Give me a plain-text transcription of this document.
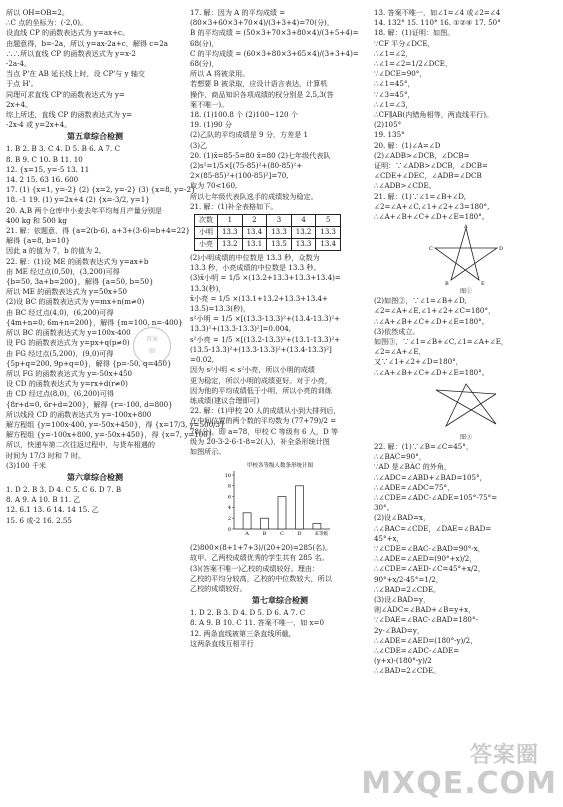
所以 OH=OB=2。
∴C 点的坐标为：(-2,0)。
设直线 CP 的函数表达式为 y=ax+c。
由题意得，b=-2a，所以 y=ax-2a+c，解得 c=2a
∴∴所以直线 CP 的函数表达式为 y=x-2
-2a-4。
当点 P'在 AB 延长线上时，设 CP'与 y 轴交
于点 H'。
同理可求直线 CP'的函数表达式为 y=
2x+4。
综上所述，直线 CP 的函数表达式为 y=
-2x-4 或 y=2x+4。
第五章综合检测
1. B 2. B 3. C 4. D 5. B 6. A 7. C
8. B 9. C 10. B 11. 10
12. {x=15, y=-5 13. 11
14. 2 15. 63 16. 600
17. (1) {x=1, y=-2} (2) {x=2, y=-2} (3) {x=8, y=-2}
18. -1 19. (1) y=2x+4 (2) {x=-3/2, y=1}
20. A,B 两个仓库中小麦去年平均每月产量分别是
400 kg 和 500 kg
21. 解：依题意，得 {a=2(b-6), a+3+(3-6)=b+4=22}
解得 {a=8, b=10}
因此 a 的值为 7，b 的值为 2。
22. 解：(1)设 ME 的函数表达式为 y=ax+b
由 ME 经过点(0,50)，(3,200)可得
{b=50, 3a+b=200}，解得 {a=50, b=50}
所以 ME 的函数表达式为 y=50x+50
(2)设 BC 的函数表达式为 y=mx+n(m≠0)
由 BC 经过点(4,0)，(6,200)可得
{4m+n=0, 6m+n=200}，解得 {m=100, n=-400}
所以 BC 的函数表达式为 y=100x-400
设 FG 的函数表达式为 y=px+q(p≠0)
由 FG 经过点(5,200)，(9,0)可得
{5p+q=200, 9p+q=0}，解得 {p=-50, q=450}
所以 FG 的函数表达式为 y=-50x+450
设 CD 的函数表达式为 y=rx+d(r≠0)
由 CD 经过点(8,0)，(6,200)可得
{8r+d=0, 6r+d=200}，解得 {r=-100, d=800}
所以线段 CD 的函数表达式为 y=-100x+800
解方程组 {y=100x-400, y=-50x+450}，得 {x=17/3, y=500/3}
解方程组 {y=-100x+800, y=-50x+450}，得 {x=7, y=100}
所以，快递车第二次往返过程中，与货车相遇的
时间为 17/3 时和 7 时。
(3)100 千米
第六章综合检测
1. D 2. B 3. D 4. C 5. C 6. D 7. B
8. A 9. A 10. B 11. 乙
12. 6.1 13. 6 14. 14 15. 乙
15. 6 或-2 16. 2.55
17. 解：因为 A 的平均成绩 =
(80×3+60×3+70×4)/(3+3+4)=70(分)，
B 的平均成绩 = (50×3+70×3+80×4)/(3+5+4)=
68(分)，
C 的平均成绩 = (60×3+80×3+65×4)/(3+3+4)=
68(分)，
所以 A 将被录用。
若想要 B 被录取，应设计语言表达，计算机
操作，商品知识各项成绩的权分别是 2,5,3(答
案不唯一)。
18. (1)100.8 个 (2)100~120 个
19. (1)90 分
(2)乙队的平均成绩是 9 分，方差是 1
(3)乙
20. (1)x̄=85-5=80 x̄=80 (2)七年级代表队
(2)s²=1/5×[(75-85)²+(80-85)²+
2×(85-85)²+(100-85)²]=70,
取为 70<160,
所以七年级代表队选手的成绩较为稳定。
21. 解：(1)补全表格如下。
次数	1	2	3	4	5
小明	13.3	13.4	13.3	13.2	13.3
小亮	13.2	13.1	13.5	13.3	13.4
(2)小明成绩的中位数是 13.3 秒，众数为
13.3 秒，小亮成绩的中位数是 13.3 秒。
(3)x̄小明 = 1/5 ×(13.2+13.3+13.3+13.4)=
13.3(秒)，
x̄小亮 = 1/5 ×(13.1+13.2+13.3+13.4+
13.5)=13.3(秒)，
s²小明 = 1/5 ×[(13.3-13.3)²+(13.4-13.3)²+
13.3)²+(13.3-13.3)²]=0.004,
s²小亮 = 1/5 ×[(13.2-13.3)²+(13.1-13.3)²+
(13.5-13.3)²+(13.3-13.3)²+(13.4-13.3)²]
=0.02,
因为 s²小明 < s²小亮，所以小明的成绩
更为稳定，所以小明的成绩更好。对于小亮，
因为他的平均成绩低于小明，所以小亮的训练
练成绩(建议合理即可)
22. 解：(1)甲校 20 人的成绩从小到大排列后，
在中间位置的两个数的平均数为 (77+79)/2 =
78(分)，即 a=78，甲校 C 等级有 6 人，D 等
级为 20-3-2-6-1-8=2(人)，补全条形统计图
如图所示。
甲校各等级人数条形统计图
0
2
4
6
8
10
A	B	C	D	E 等级
(2)800×(8+1+7+3)/(20+20)=285(名)。
故甲、乙两校成绩优秀的学生共有 285 名。
(3)(答案不唯一)乙校的成绩较好。理由：
乙校的平均分较高，乙校的中位数较大，所以
乙校的成绩较好。
第七章综合检测
1. D 2. B 3. D 4. D 5. D 6. A 7. C
8. A 9. B 10. C 11. 答案不唯一，如 x=0
12. 两条直线被第三条直线所截，
这两条直线互相平行
13. 答案不唯一，如∠1=∠4 或∠2=∠4
14. 132° 15. 110° 16. ①②④ 17. 50°
18. 解：(1)证明：如图。
∵CF 平分∠DCE，
∴∠1=∠2，
∴∠1=∠2=1/2∠DCE，
∵∠DCE=90°，
∴∠1=45°，
∵∠3=45°，
∴∠1=∠3，
∴CF∥AB(内错角相等，两直线平行)。
(2)105°
19. 135°
20. 解：(1)∠A=∠D
(2)∠ADB>∠DCB，∠DCB=
证明：∵∠ADB>∠DCB，∠DCB=
∠CDE+∠DEC，∠ADB=∠DCB
∴∠ADB>∠CDE。
21. 解：(1)∵∠1=∠B+∠D,
∠2=∠A+∠C,∠1+∠2+∠3=180°,
∴∠A+∠B+∠C+∠D+∠E=180°。
A
C	D
B	E
图①
(2)如图②，∵∠1=∠B+∠D,
∠2=∠A+∠E,∠1+∠2+∠C=180°，
∴∠A+∠B+∠C+∠D+∠E=180°。
(3)依然成立。
如图③，∵∠1=∠B+∠C,∠1=∠A+∠E，
∠2=∠A+∠E，
又∵∠1+∠2+∠D=180°，
∴∠A+∠B+∠C+∠D+∠E=180°。
图③
22. 解：(1)∵∠B=∠C=45°，
∴∠BAC=90°，
∵AD 是∠BAC 的外角，
∴∠ADC=∠ABD+∠BAD=105°，
∴∠ADE=∠ADC=75°，
∴∠CDE=∠ADC-∠ADE=105°-75°=
30°。
(2)设∠BAD=x，
∴∠BAC=∠CDE，∠DAE=∠BAD=
45°+x，
∵∠CDE=∠BAC-∠BAD=90°-x，
∴∠ADE=∠AED=(90°+x)/2，
∴∠CDE=∠AED-∠C=45°+x/2，
90°+x/2-45°=1/2，
∴∠BAD=2∠CDE。
(3)设∠BAD=y，
则∠ADC=∠BAD+∠B=y+x，
∵∠DAE=∠BAC-∠BAD=180°-
2y-∠BAD=y，
∴∠ADE=∠AED=(180°-y)/2，
∴∠CDE=∠ADC-∠ADE=
(y+x)-(180°-y)/2
∴∠BAD=2∠CDE。
答案
圈
MXQE.COM
答案圈
